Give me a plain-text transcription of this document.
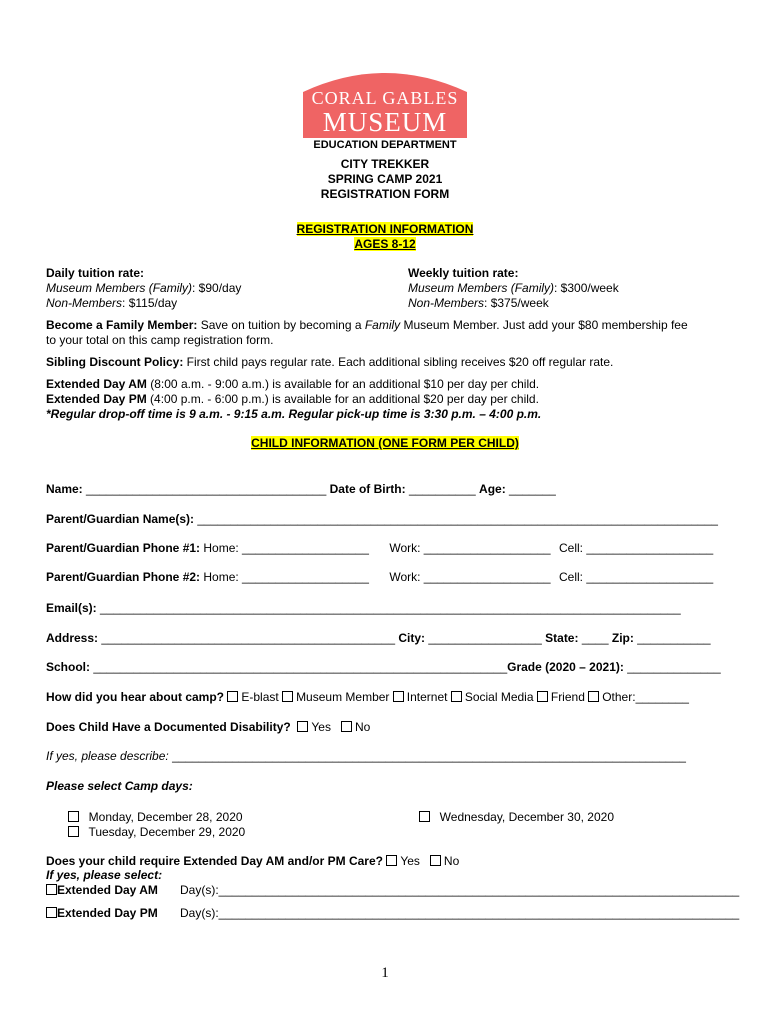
CORAL GABLES
MUSEUM
EDUCATION DEPARTMENT
CITY TREKKER
SPRING CAMP 2021
REGISTRATION FORM
REGISTRATION INFORMATION
AGES 8-12
Daily tuition rate:
Museum Members (Family): $90/day
Non-Members: $115/day
Weekly tuition rate:
Museum Members (Family): $300/week
Non-Members: $375/week
Become a Family Member: Save on tuition by becoming a Family Museum Member. Just add your $80 membership fee
to your total on this camp registration form.
Sibling Discount Policy: First child pays regular rate. Each additional sibling receives $20 off regular rate.
Extended Day AM (8:00 a.m. - 9:00 a.m.) is available for an additional $10 per day per child.
Extended Day PM (4:00 p.m. - 6:00 p.m.) is available for an additional $20 per day per child.
*Regular drop-off time is 9 a.m. - 9:15 a.m. Regular pick-up time is 3:30 p.m. – 4:00 p.m.
CHILD INFORMATION (ONE FORM PER CHILD)
Name: ____________________________________ Date of Birth: __________ Age: _______
Parent/Guardian Name(s): ______________________________________________________________________________
Parent/Guardian Phone #1: Home: ___________________	Work: ___________________ Cell: ___________________
Parent/Guardian Phone #2: Home: ___________________	Work: ___________________ Cell: ___________________
Email(s): _______________________________________________________________________________________
Address: ____________________________________________ City: _________________ State: ____ Zip: ___________
School: ______________________________________________________________Grade (2020 – 2021): ______________
How did you hear about camp? E-blast Museum Member Internet Social Media Friend Other:________
Does Child Have a Documented Disability? Yes No
If yes, please describe: _____________________________________________________________________________
Please select Camp days:
Monday, December 28, 2020
Tuesday, December 29, 2020
Wednesday, December 30, 2020
Does your child require Extended Day AM and/or PM Care? Yes No
If yes, please select:
Extended Day AM Day(s):______________________________________________________________________________
Extended Day PM Day(s):______________________________________________________________________________
1
